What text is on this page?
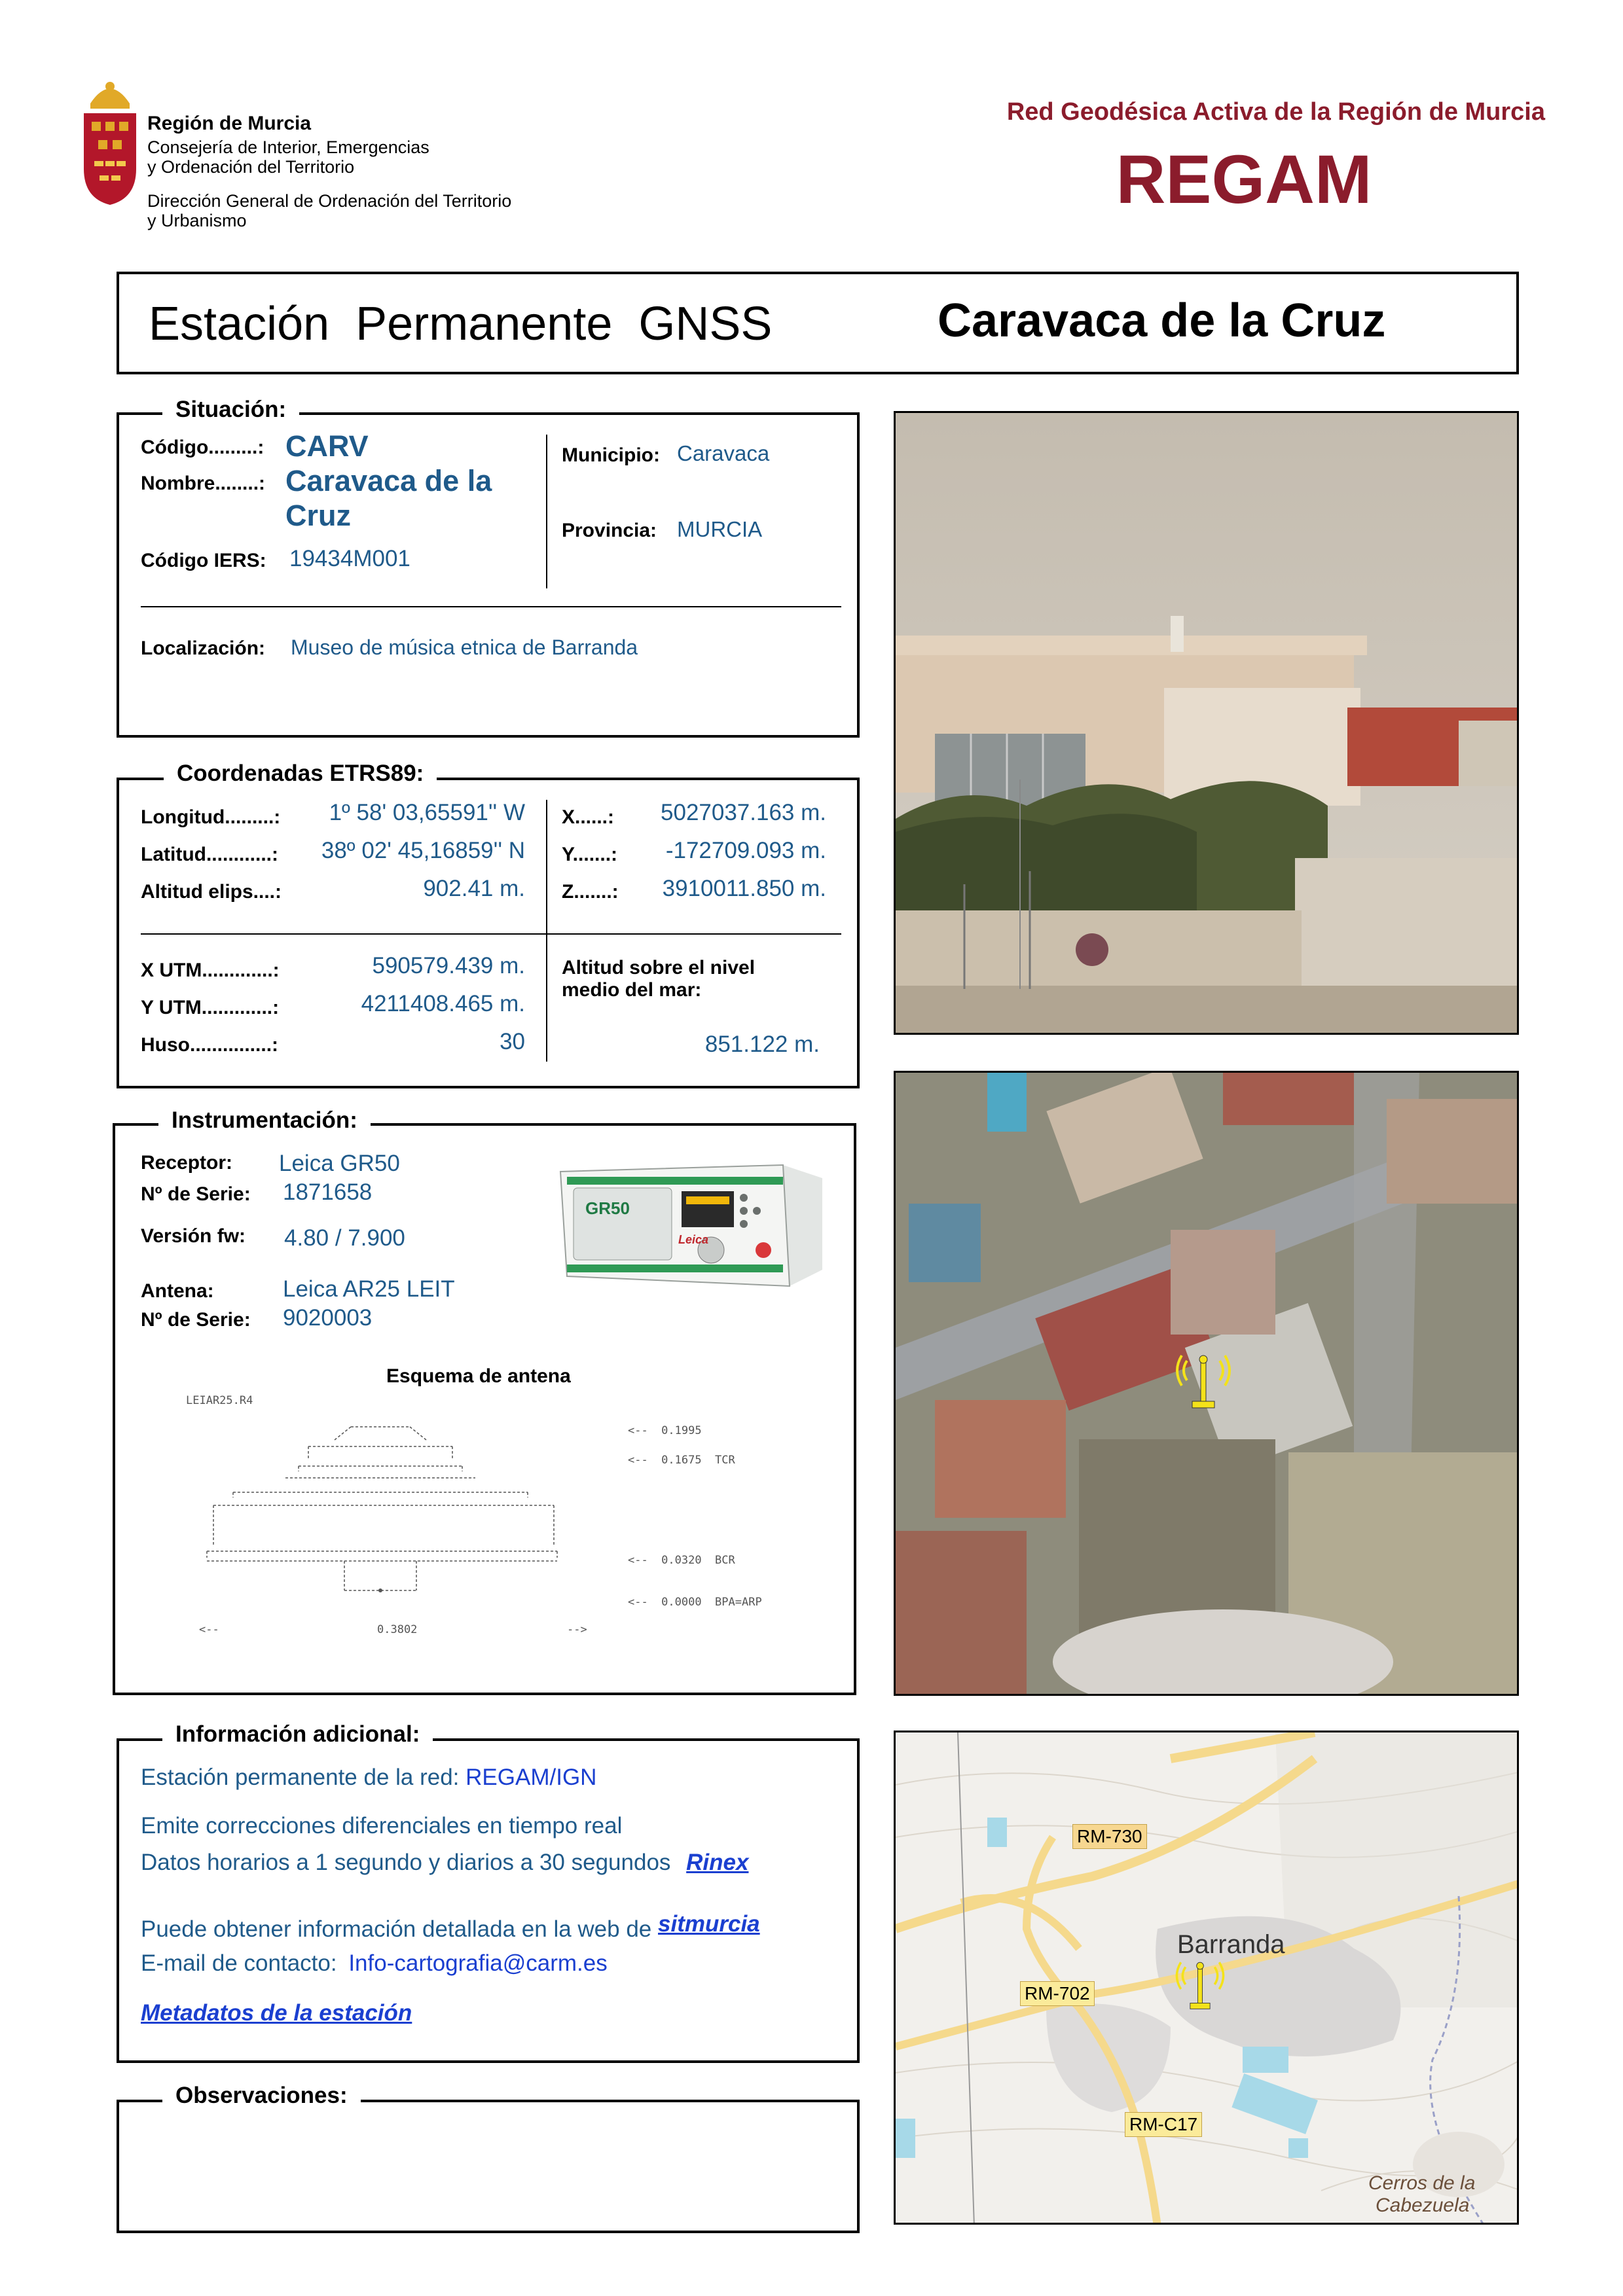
Región de Murcia
Consejería de Interior, Emergencias
y Ordenación del Territorio
Dirección General de Ordenación del Territorio
y Urbanismo
Red Geodésica Activa de la Región de Murcia
REGAM
Estación  Permanente  GNSS	Caravaca de la Cruz
Código.........: CARV
Nombre........: Caravaca de la
Cruz
Código IERS: 19434M001
Municipio: Caravaca
Provincia: MURCIA
Localización: Museo de música etnica de Barranda
Situación:
Longitud.........:	1º 58' 03,65591'' W
Latitud............:	38º 02' 45,16859'' N
Altitud elips....:	902.41 m.
X......:	5027037.163 m.
Y.......:	-172709.093 m.
Z.......:	3910011.850 m.
X UTM.............:	590579.439 m.
Y UTM.............:	4211408.465 m.
Huso...............:	30
Altitud sobre el nivel
medio del mar:
851.122 m.
Coordenadas ETRS89:
Receptor: Leica GR50
Nº de Serie: 1871658
Versión fw: 4.80 / 7.900
Antena:	Leica AR25 LEIT
Nº de Serie: 9020003
GR50
Leica
Esquema de antena
LEIAR25.R4
<--  0.1995
<--  0.1675  TCR
<--  0.0320  BCR
<--  0.0000  BPA=ARP
<--	0.3802	-->
Instrumentación:
Estación permanente de la red: REGAM/IGN
Emite correcciones diferenciales en tiempo real
Datos horarios a 1 segundo y diarios a 30 segundos Rinex
Puede obtener información detallada en la web de sitmurcia
E-mail de contacto: Info-cartografia@carm.es
Metadatos de la estación
Información adicional:
Observaciones:
RM-730
RM-702
RM-C17
Barranda
Cerros de la
Cabezuela
